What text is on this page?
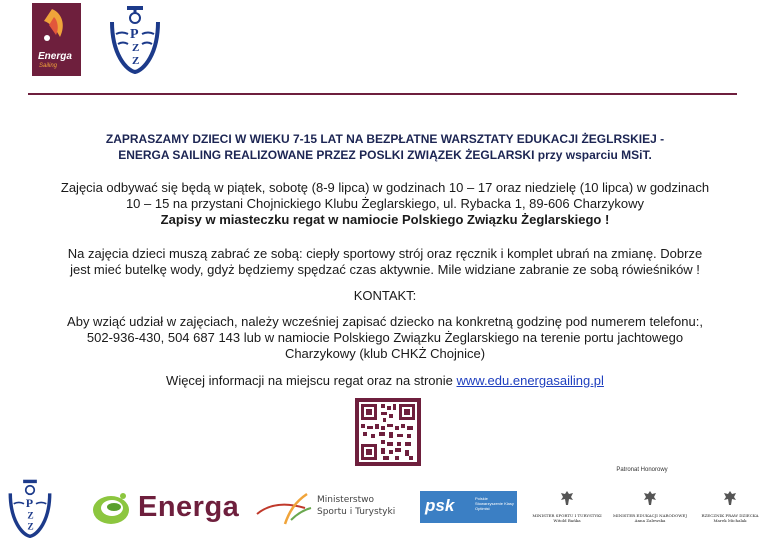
Energa
Sailing
P
Z
Z
ZAPRASZAMY DZIECI W WIEKU 7-15 LAT NA BEZPŁATNE WARSZTATY EDUKACJI ŻEGLRSKIEJ -
ENERGA SAILING REALIZOWANE PRZEZ POSLKI ZWIĄZEK ŻEGLARSKI przy wsparciu MSiT.
Zajęcia odbywać się będą w piątek, sobotę (8-9 lipca) w godzinach 10 – 17 oraz niedzielę (10 lipca) w godzinach
10 – 15 na przystani Chojnickiego Klubu Żeglarskiego, ul. Rybacka 1, 89-606 Charzykowy
Zapisy w miasteczku regat w namiocie Polskiego Związku Żeglarskiego !
Na zajęcia dzieci muszą zabrać ze sobą: ciepły sportowy strój oraz ręcznik i komplet ubrań na zmianę. Dobrze
jest mieć butelkę wody, gdyż będziemy spędzać czas aktywnie. Mile widziane zabranie ze sobą rówieśników !
KONTAKT:
Aby wziąć udział w zajęciach, należy wcześniej zapisać dziecko na konkretną godzinę pod numerem telefonu:,
502-936-430, 504 687 143 lub w namiocie Polskiego Związku Żeglarskiego na terenie portu jachtowego
Charzykowy (klub CHKŻ Chojnice)
Więcej informacji na miejscu regat oraz na stronie www.edu.energasailing.pl
Patronat Honorowy
P
Z
Z
Energa	Ministerstwo
Sportu i Turystyki psk	Polskie Stowarzyszenie Klasy Optimist
MINISTER SPORTU I TURYSTYKI
Witold Bańka
MINISTER EDUKACJI NARODOWEJ
Anna Zalewska
RZECZNIK PRAW DZIECKA
Marek Michalak
